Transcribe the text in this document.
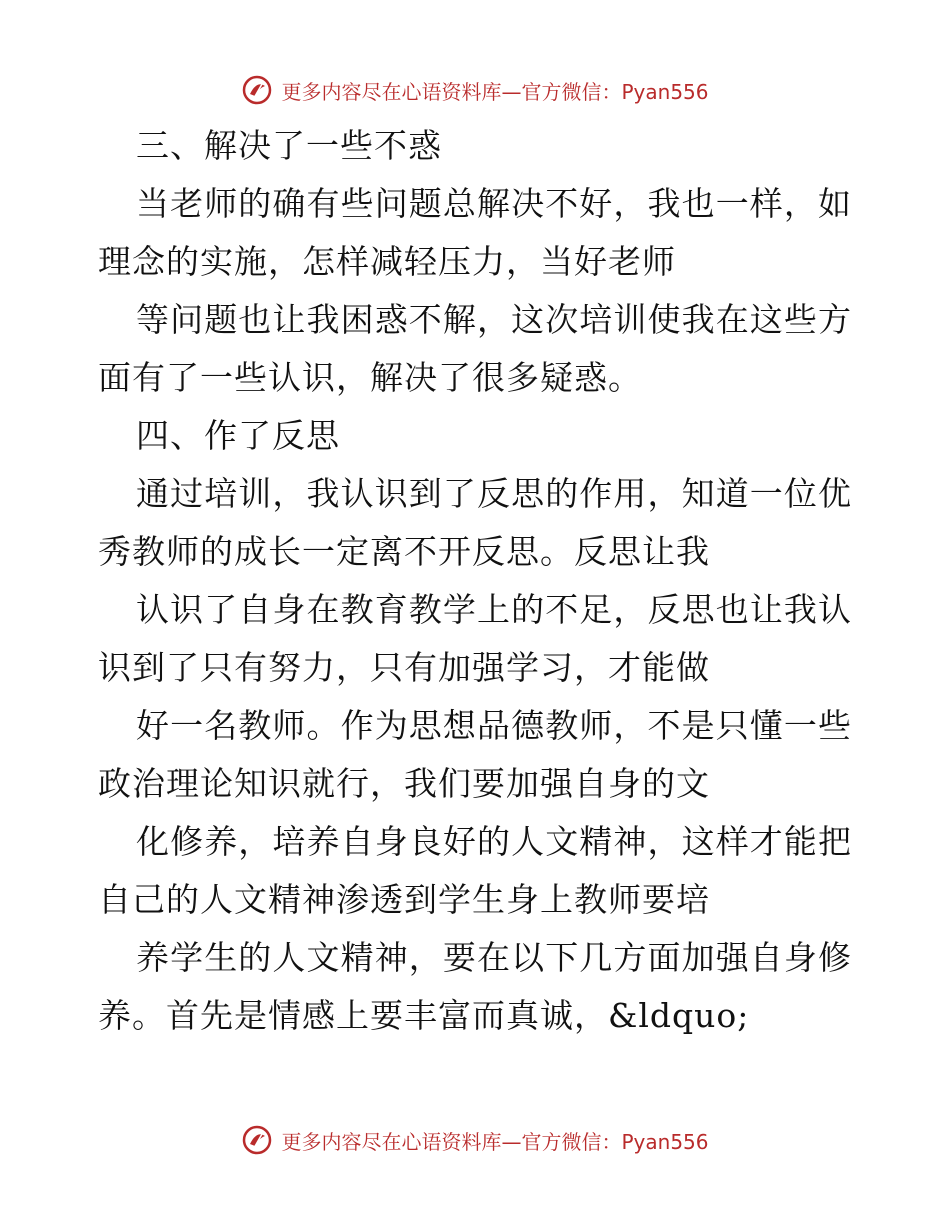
更多内容尽在心语资料库—官方微信：Pyan556
三、解决了一些不惑
当老师的确有些问题总解决不好，我也一样，如
理念的实施，怎样减轻压力，当好老师
等问题也让我困惑不解，这次培训使我在这些方
面有了一些认识，解决了很多疑惑。
四、作了反思
通过培训，我认识到了反思的作用，知道一位优
秀教师的成长一定离不开反思。反思让我
认识了自身在教育教学上的不足，反思也让我认
识到了只有努力，只有加强学习，才能做
好一名教师。作为思想品德教师，不是只懂一些
政治理论知识就行，我们要加强自身的文
化修养，培养自身良好的人文精神，这样才能把
自己的人文精神渗透到学生身上教师要培
养学生的人文精神，要在以下几方面加强自身修
养。首先是情感上要丰富而真诚，&ldquo;
更多内容尽在心语资料库—官方微信：Pyan556
